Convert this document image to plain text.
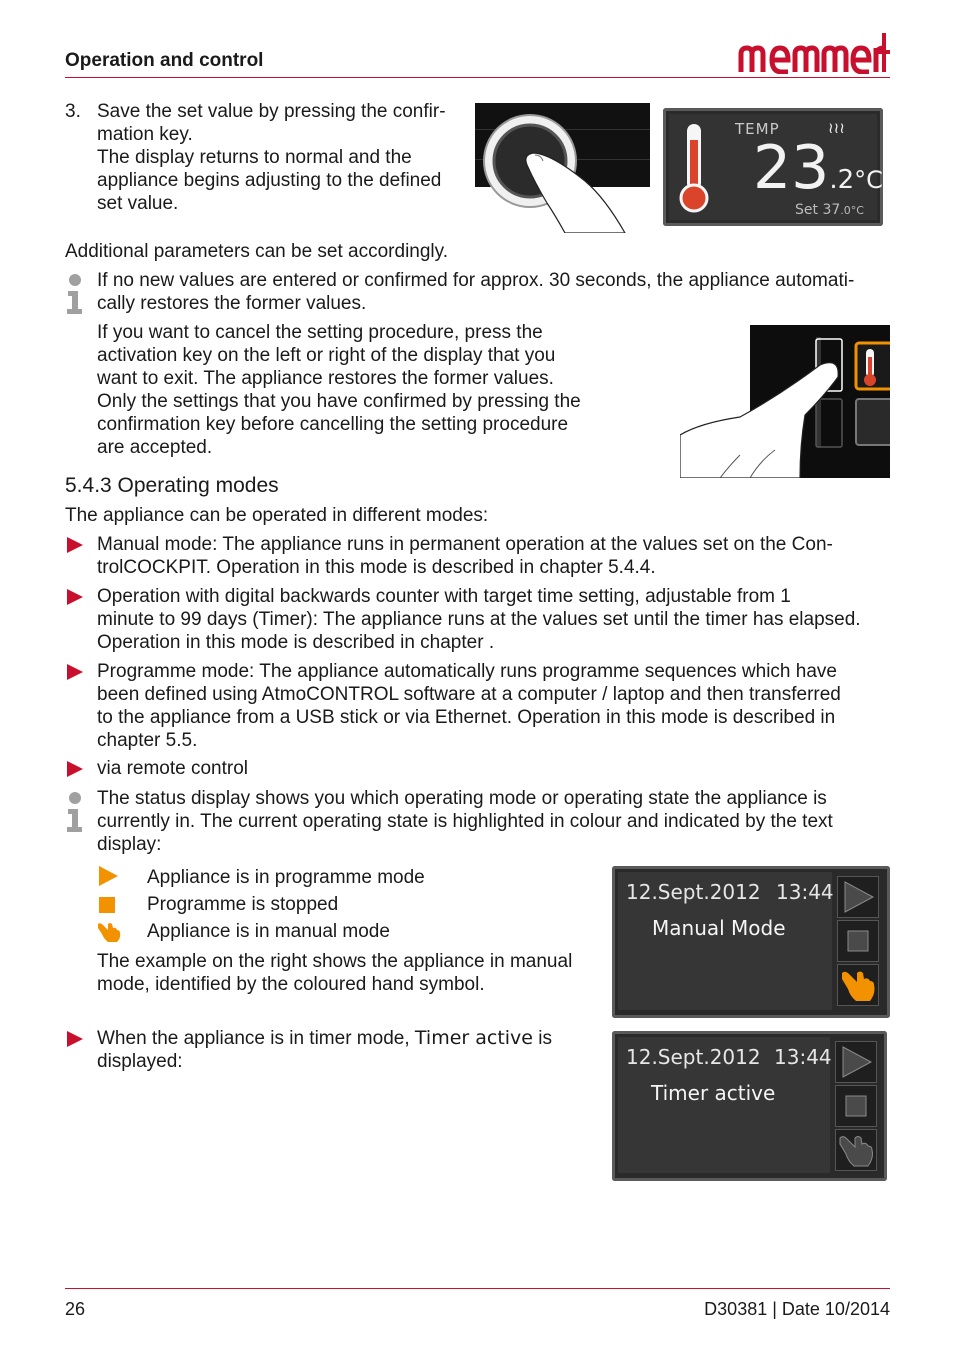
Operation and control
3. Save the set value by pressing the confir-
mation key.
The display returns to normal and the
appliance begins adjusting to the defined
set value.
TEMP	≀≀≀
23.2°C
Set 37.0°C
Additional parameters can be set accordingly.
If no new values are entered or confirmed for approx. 30 seconds, the appliance automati-
cally restores the former values.
If you want to cancel the setting procedure, press the
activation key on the left or right of the display that you
want to exit. The appliance restores the former values.
Only the settings that you have confirmed by pressing the
confirmation key before cancelling the setting procedure
are accepted.
5.4.3 Operating modes
The appliance can be operated in different modes:
Manual mode: The appliance runs in permanent operation at the values set on the Con-
trolCOCKPIT. Operation in this mode is described in chapter 5.4.4.
Operation with digital backwards counter with target time setting, adjustable from 1
minute to 99 days (Timer): The appliance runs at the values set until the timer has elapsed.
Operation in this mode is described in chapter .
Programme mode: The appliance automatically runs programme sequences which have
been defined using AtmoCONTROL software at a computer / laptop and then transferred
to the appliance from a USB stick or via Ethernet. Operation in this mode is described in
chapter 5.5.
via remote control
The status display shows you which operating mode or operating state the appliance is
currently in. The current operating state is highlighted in colour and indicated by the text
display:
Appliance is in programme mode
Programme is stopped
Appliance is in manual mode
The example on the right shows the appliance in manual
mode, identified by the coloured hand symbol.
12.Sept.2012 13:44
Manual Mode
When the appliance is in timer mode, Timer active is
displayed:	12.Sept.2012 13:44
Timer active
26	D30381 | Date 10/2014
